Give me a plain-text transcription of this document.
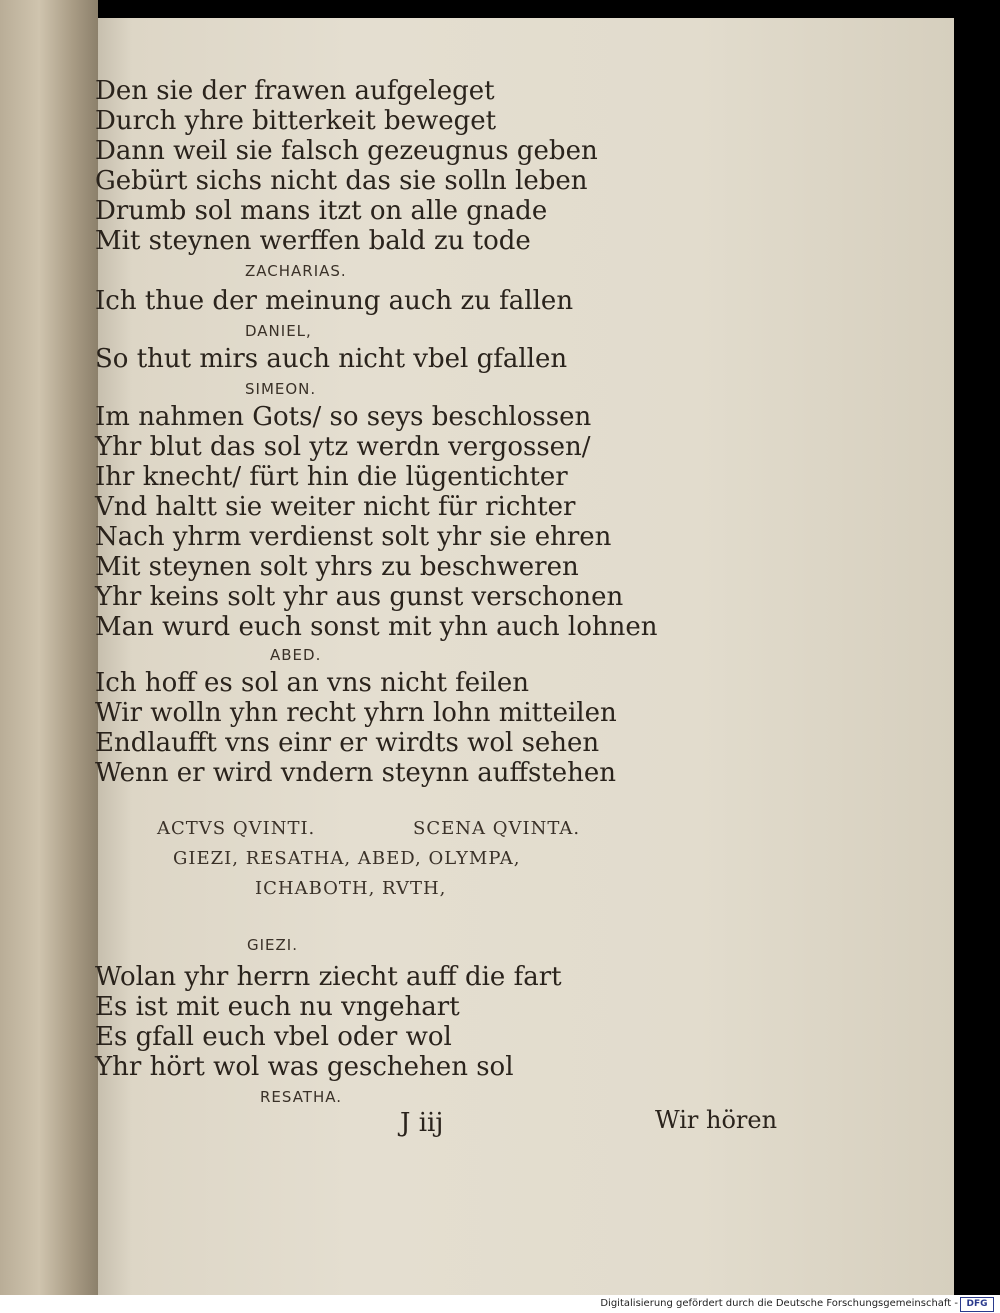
Den sie der frawen aufgeleget
Durch yhre bitterkeit beweget
Dann weil sie falsch gezeugnus geben
Gebürt sichs nicht das sie solln leben
Drumb sol mans itzt on alle gnade
Mit steynen werffen bald zu tode
ZACHARIAS.
Ich thue der meinung auch zu fallen
DANIEL,
So thut mirs auch nicht vbel gfallen
SIMEON.
Im nahmen Gots/ so seys beschlossen
Yhr blut das sol ytz werdn vergossen/
Ihr knecht/ fürt hin die lügentichter
Vnd haltt sie weiter nicht für richter
Nach yhrm verdienst solt yhr sie ehren
Mit steynen solt yhrs zu beschweren
Yhr keins solt yhr aus gunst verschonen
Man wurd euch sonst mit yhn auch lohnen
ABED.
Ich hoff es sol an vns nicht feilen
Wir wolln yhn recht yhrn lohn mitteilen
Endlaufft vns einr er wirdts wol sehen
Wenn er wird vndern steynn auffstehen
ACTVS QVINTI.	SCENA QVINTA.
GIEZI, RESATHA, ABED, OLYMPA,
ICHABOTH, RVTH,
GIEZI.
Wolan yhr herrn ziecht auff die fart
Es ist mit euch nu vngehart
Es gfall euch vbel oder wol
Yhr hört wol was geschehen sol
RESATHA.
J iij	Wir hören
Digitalisierung gefördert durch die Deutsche Forschungsgemeinschaft - DFG
